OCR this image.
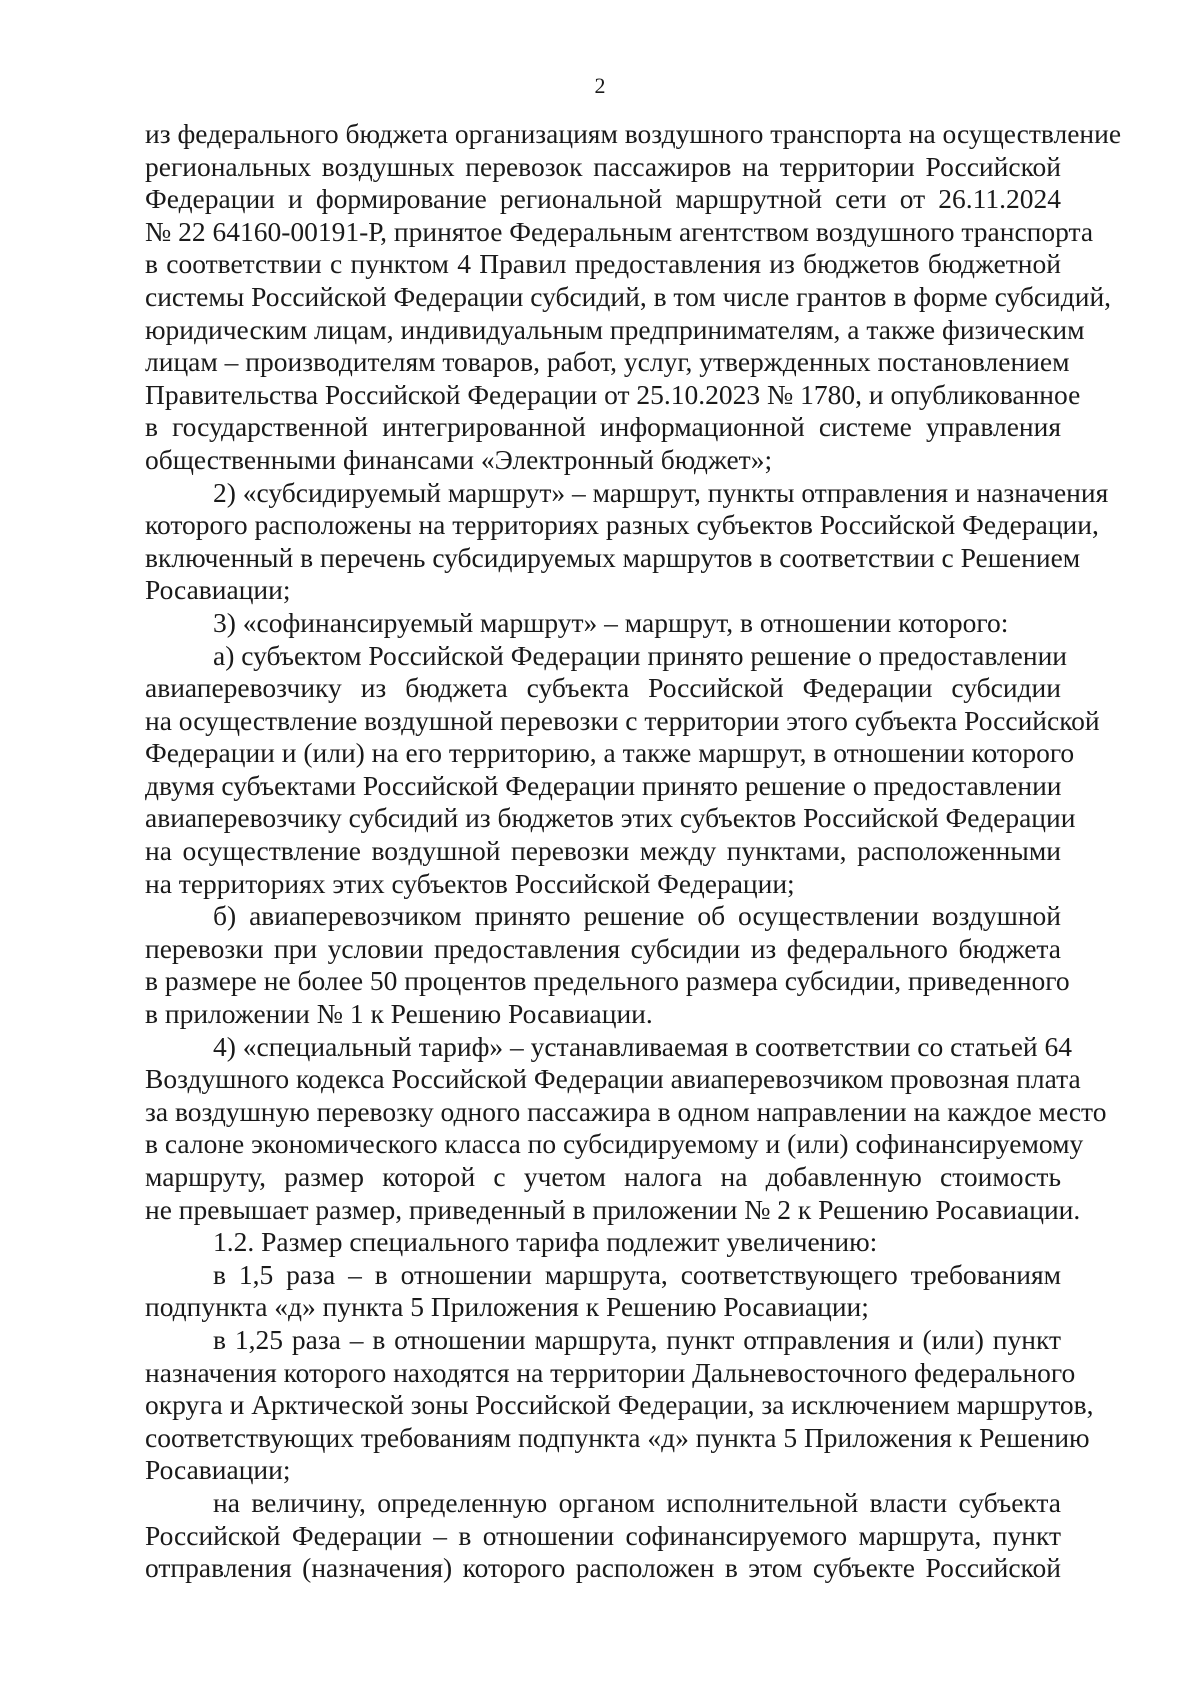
2
из федерального бюджета организациям воздушного транспорта на осуществление
региональных воздушных перевозок пассажиров на территории Российской
Федерации и формирование региональной маршрутной сети от 26.11.2024
№ 22 64160-00191-Р, принятое Федеральным агентством воздушного транспорта
в соответствии с пунктом 4 Правил предоставления из бюджетов бюджетной
системы Российской Федерации субсидий, в том числе грантов в форме субсидий,
юридическим лицам, индивидуальным предпринимателям, а также физическим
лицам – производителям товаров, работ, услуг, утвержденных постановлением
Правительства Российской Федерации от 25.10.2023 № 1780, и опубликованное
в государственной интегрированной информационной системе управления
общественными финансами «Электронный бюджет»;
2) «субсидируемый маршрут» – маршрут, пункты отправления и назначения
которого расположены на территориях разных субъектов Российской Федерации,
включенный в перечень субсидируемых маршрутов в соответствии с Решением
Росавиации;
3) «софинансируемый маршрут» – маршрут, в отношении которого:
а) субъектом Российской Федерации принято решение о предоставлении
авиаперевозчику из бюджета субъекта Российской Федерации субсидии
на осуществление воздушной перевозки с территории этого субъекта Российской
Федерации и (или) на его территорию, а также маршрут, в отношении которого
двумя субъектами Российской Федерации принято решение о предоставлении
авиаперевозчику субсидий из бюджетов этих субъектов Российской Федерации
на осуществление воздушной перевозки между пунктами, расположенными
на территориях этих субъектов Российской Федерации;
б) авиаперевозчиком принято решение об осуществлении воздушной
перевозки при условии предоставления субсидии из федерального бюджета
в размере не более 50 процентов предельного размера субсидии, приведенного
в приложении № 1 к Решению Росавиации.
4) «специальный тариф» – устанавливаемая в соответствии со статьей 64
Воздушного кодекса Российской Федерации авиаперевозчиком провозная плата
за воздушную перевозку одного пассажира в одном направлении на каждое место
в салоне экономического класса по субсидируемому и (или) софинансируемому
маршруту, размер которой с учетом налога на добавленную стоимость
не превышает размер, приведенный в приложении № 2 к Решению Росавиации.
1.2. Размер специального тарифа подлежит увеличению:
в 1,5 раза – в отношении маршрута, соответствующего требованиям
подпункта «д» пункта 5 Приложения к Решению Росавиации;
в 1,25 раза – в отношении маршрута, пункт отправления и (или) пункт
назначения которого находятся на территории Дальневосточного федерального
округа и Арктической зоны Российской Федерации, за исключением маршрутов,
соответствующих требованиям подпункта «д» пункта 5 Приложения к Решению
Росавиации;
на величину, определенную органом исполнительной власти субъекта
Российской Федерации – в отношении софинансируемого маршрута, пункт
отправления (назначения) которого расположен в этом субъекте Российской
